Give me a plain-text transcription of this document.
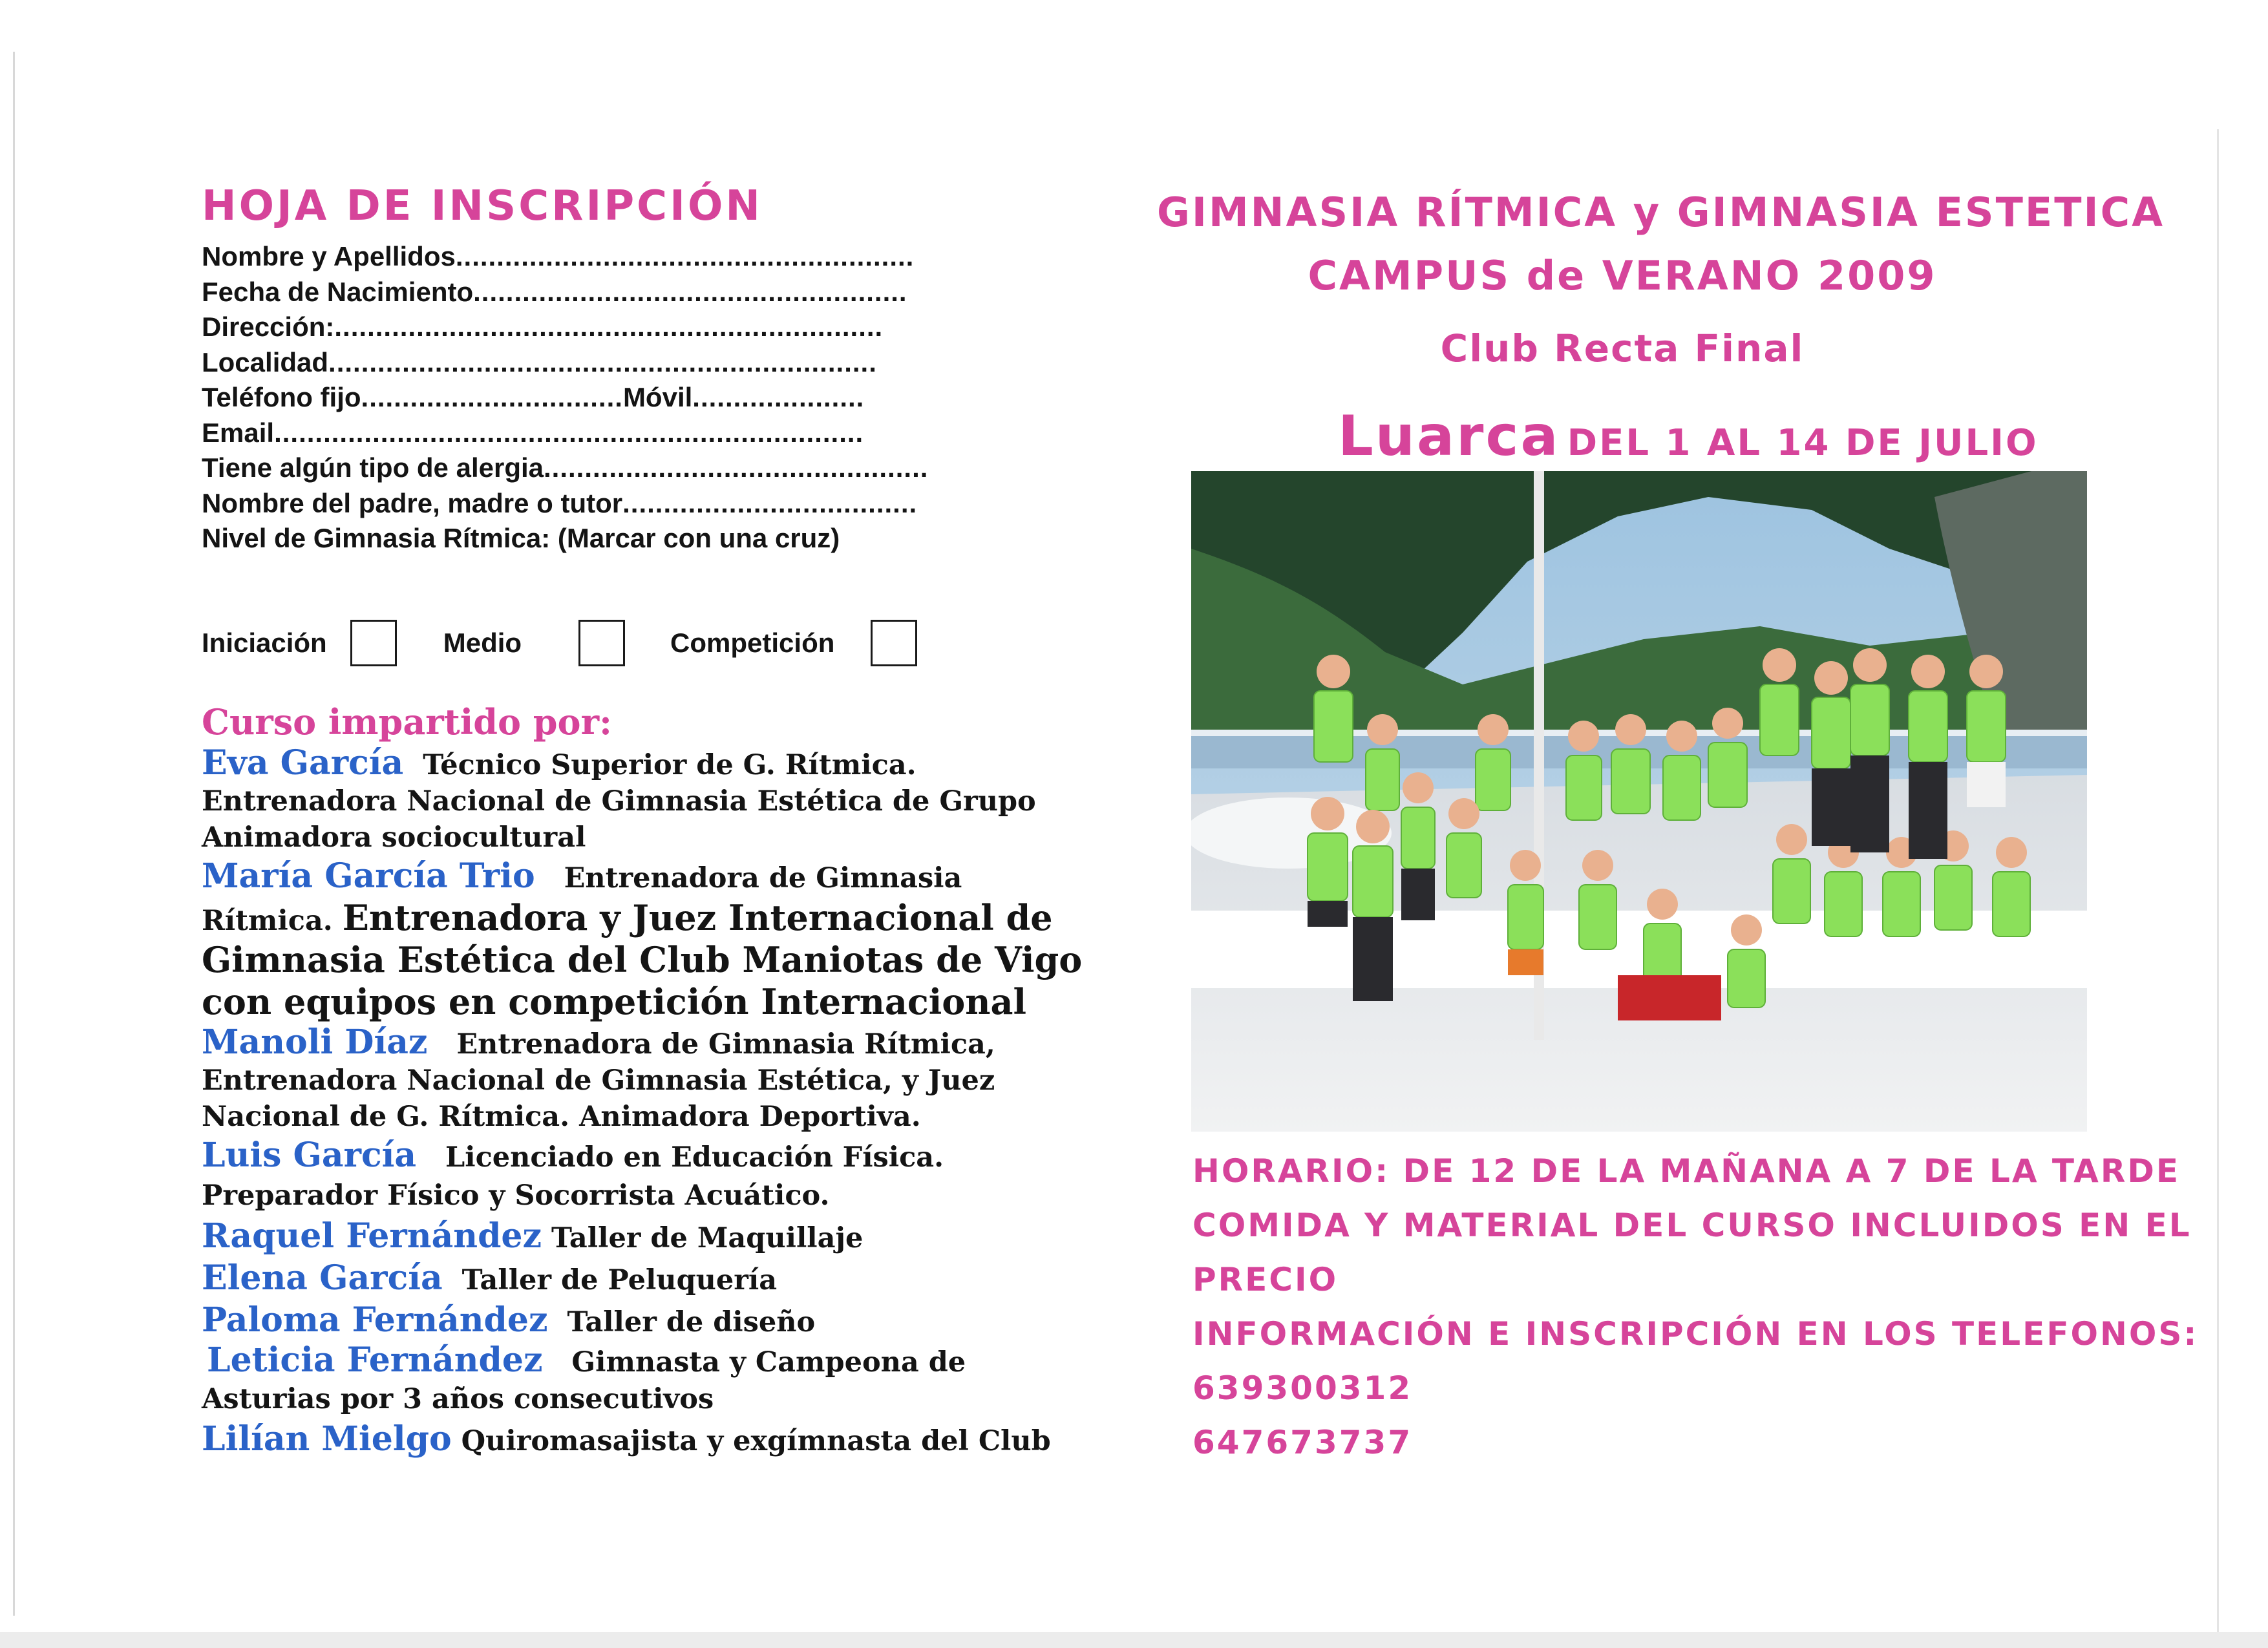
HOJA DE INSCRIPCIÓN
Nombre y Apellidos........................................................
Fecha de Nacimiento.....................................................
Dirección:...................................................................
Localidad...................................................................
Teléfono fijo................................Móvil.....................
Email........................................................................
Tiene algún tipo de alergia...............................................
Nombre del padre, madre o tutor....................................
Nivel de Gimnasia Rítmica: (Marcar con una cruz)
Iniciación	Medio	Competición
Curso impartido por:
Eva García Técnico Superior de G. Rítmica.
Entrenadora Nacional de Gimnasia Estética de Grupo
Animadora sociocultural
María García Trio Entrenadora de Gimnasia
Rítmica. Entrenadora y Juez Internacional de
Gimnasia Estética del Club Maniotas de Vigo
con equipos en competición Internacional
Manoli Díaz Entrenadora de Gimnasia Rítmica,
Entrenadora Nacional de Gimnasia Estética, y Juez
Nacional de G. Rítmica. Animadora Deportiva.
Luis García Licenciado en Educación Física.
Preparador Físico y Socorrista Acuático.
Raquel Fernández Taller de Maquillaje
Elena García Taller de Peluquería
Paloma Fernández Taller de diseño
Leticia Fernández Gimnasta y Campeona de
Asturias por 3 años consecutivos
Lilían Mielgo Quiromasajista y exgímnasta del Club
GIMNASIA RÍTMICA y GIMNASIA ESTETICA
CAMPUS de VERANO 2009
Club Recta Final
Luarca DEL 1 AL 14 DE JULIO
HORARIO: DE 12 DE LA MAÑANA A 7 DE LA TARDE
COMIDA Y MATERIAL DEL CURSO INCLUIDOS EN EL
PRECIO
INFORMACIÓN E INSCRIPCIÓN EN LOS TELEFONOS:
639300312
647673737
